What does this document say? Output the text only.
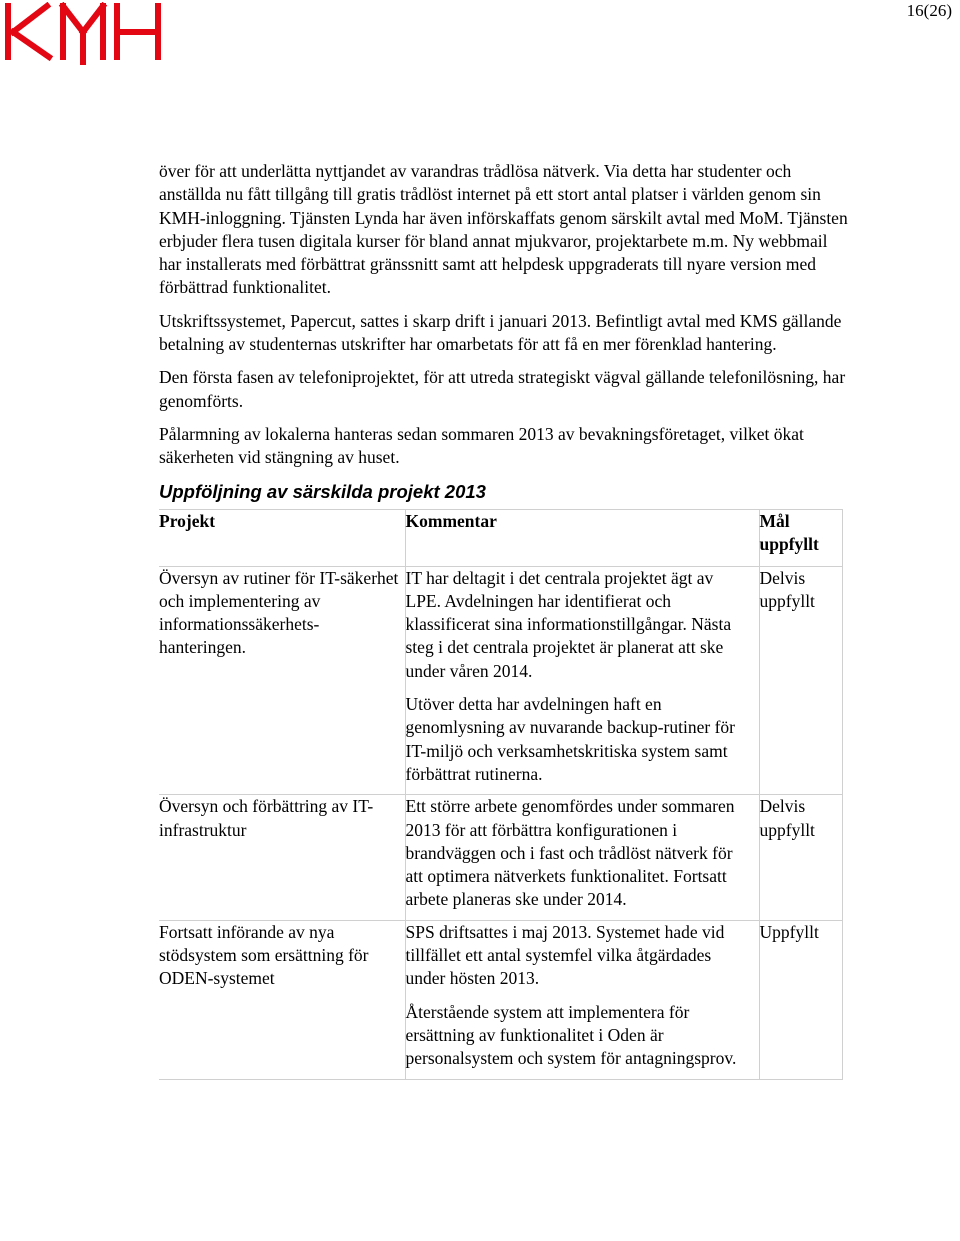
16(26)

över för att underlätta nyttjandet av varandras trådlösa nätverk. Via detta har studenter och anställda nu fått tillgång till gratis trådlöst internet på ett stort antal platser i världen genom sin KMH-inloggning. Tjänsten Lynda har även införskaffats genom särskilt avtal med MoM. Tjänsten erbjuder flera tusen digitala kurser för bland annat mjukvaror, projektarbete m.m. Ny webbmail har installerats med förbättrat gränssnitt samt att helpdesk uppgraderats till nyare version med förbättrad funktionalitet.

Utskriftssystemet, Papercut, sattes i skarp drift i januari 2013. Befintligt avtal med KMS gällande betalning av studenternas utskrifter har omarbetats för att få en mer förenklad hantering.

Den första fasen av telefoniprojektet, för att utreda strategiskt vägval gällande telefonilösning, har genomförts.

Pålarmning av lokalerna hanteras sedan sommaren 2013 av bevakningsföretaget, vilket ökat säkerheten vid stängning av huset.

Uppföljning av särskilda projekt 2013
Projekt	Kommentar	Mål uppfyllt
Översyn av rutiner för IT-säkerhet och implementering av informationssäkerhets-hanteringen.	IT har deltagit i det centrala projektet ägt av LPE. Avdelningen har identifierat och klassificerat sina informationstillgångar. Nästa steg i det centrala projektet är planerat att ske under våren 2014.

Utöver detta har avdelningen haft en genomlysning av nuvarande backup-rutiner för IT-miljö och verksamhetskritiska system samt förbättrat rutinerna.	Delvis uppfyllt
Översyn och förbättring av IT-infrastruktur	Ett större arbete genomfördes under sommaren 2013 för att förbättra konfigurationen i brandväggen och i fast och trådlöst nätverk för att optimera nätverkets funktionalitet. Fortsatt arbete planeras ske under 2014.	Delvis uppfyllt
Fortsatt införande av nya stödsystem som ersättning för ODEN-systemet	SPS driftsattes i maj 2013. Systemet hade vid tillfället ett antal systemfel vilka åtgärdades under hösten 2013.

Återstående system att implementera för ersättning av funktionalitet i Oden är personalsystem och system för antagningsprov.	Uppfyllt
